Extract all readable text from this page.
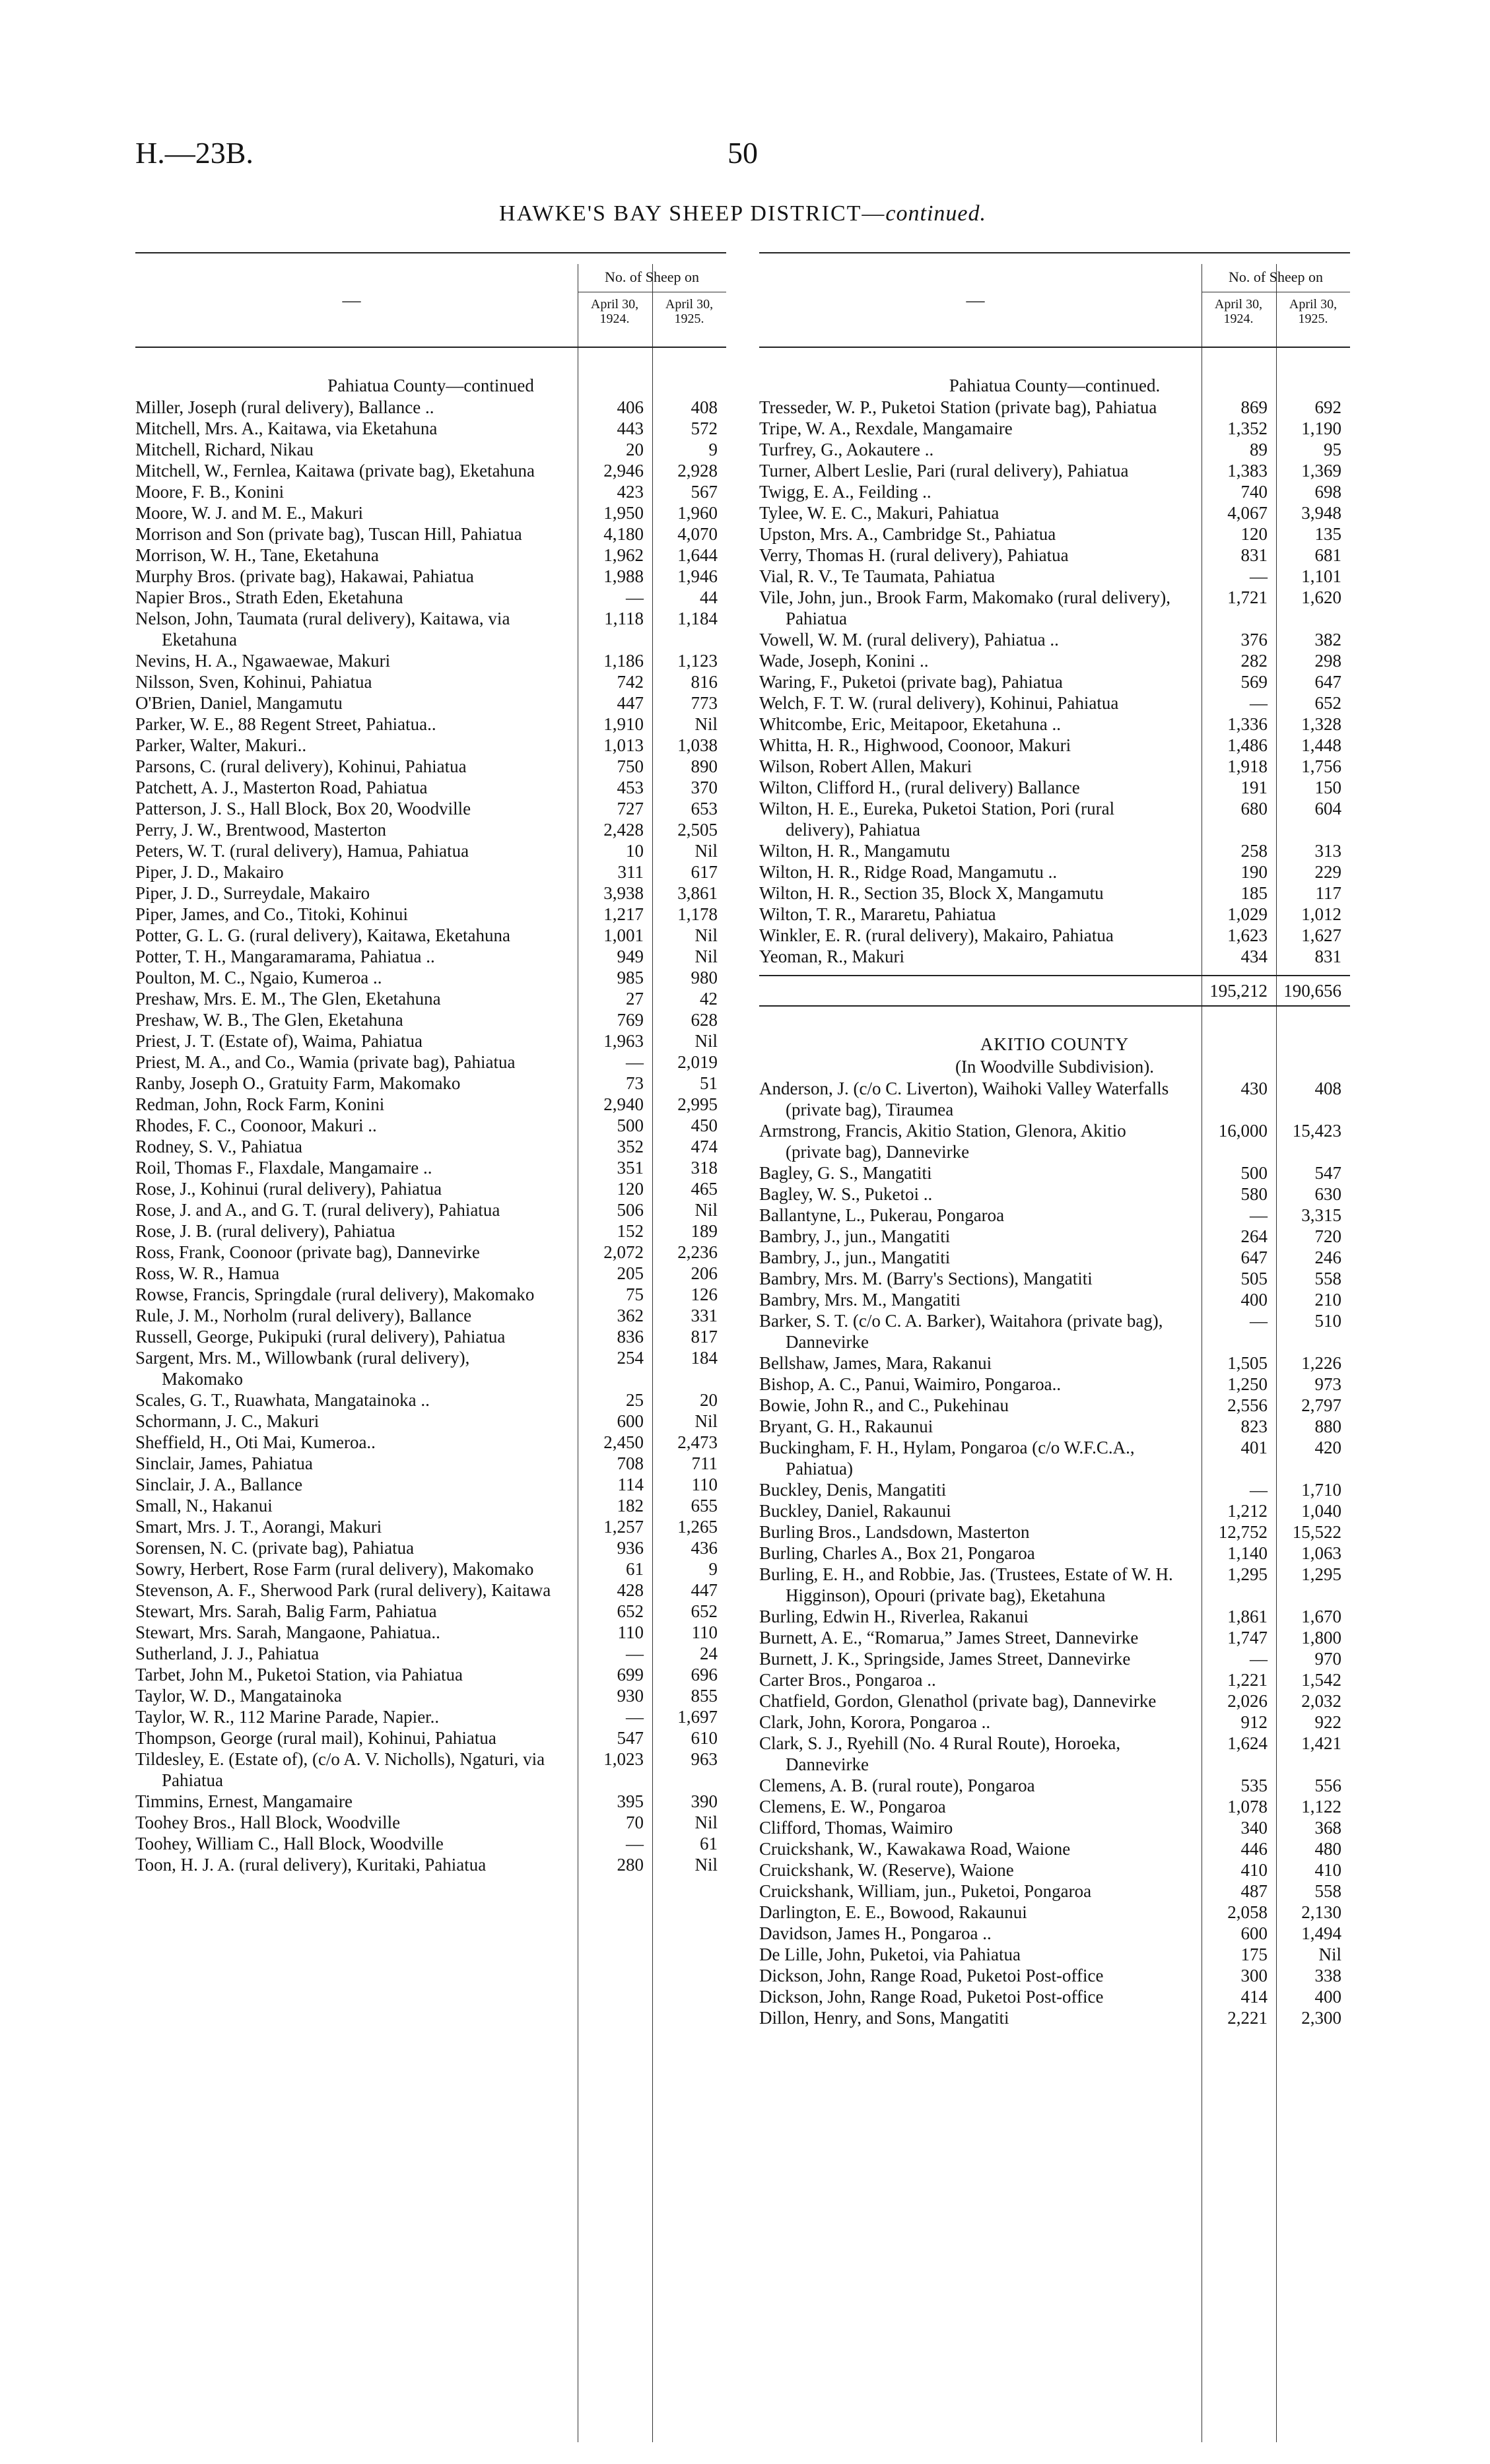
H.—23B.	50
HAWKE'S BAY SHEEP DISTRICT—continued.
—
No. of Sheep on
April 30, 1924.
April 30, 1925.
Pahiatua County—continued
Miller, Joseph (rural delivery), Ballance ..	406	408
Mitchell, Mrs. A., Kaitawa, via Eketahuna	443	572
Mitchell, Richard, Nikau	20	9
Mitchell, W., Fernlea, Kaitawa (private bag), Eketahuna	2,946	2,928
Moore, F. B., Konini	423	567
Moore, W. J. and M. E., Makuri	1,950	1,960
Morrison and Son (private bag), Tuscan Hill, Pahiatua	4,180	4,070
Morrison, W. H., Tane, Eketahuna	1,962	1,644
Murphy Bros. (private bag), Hakawai, Pahiatua	1,988	1,946
Napier Bros., Strath Eden, Eketahuna	—	44
Nelson, John, Taumata (rural delivery), Kaitawa, via Eketahuna
1,118	1,184
Nevins, H. A., Ngawaewae, Makuri	1,186	1,123
Nilsson, Sven, Kohinui, Pahiatua	742	816
O'Brien, Daniel, Mangamutu	447	773
Parker, W. E., 88 Regent Street, Pahiatua..	1,910	Nil
Parker, Walter, Makuri..	1,013	1,038
Parsons, C. (rural delivery), Kohinui, Pahiatua	750	890
Patchett, A. J., Masterton Road, Pahiatua	453	370
Patterson, J. S., Hall Block, Box 20, Woodville	727	653
Perry, J. W., Brentwood, Masterton	2,428	2,505
Peters, W. T. (rural delivery), Hamua, Pahiatua	10	Nil
Piper, J. D., Makairo	311	617
Piper, J. D., Surreydale, Makairo	3,938	3,861
Piper, James, and Co., Titoki, Kohinui	1,217	1,178
Potter, G. L. G. (rural delivery), Kaitawa, Eketahuna	1,001	Nil
Potter, T. H., Mangaramarama, Pahiatua ..	949	Nil
Poulton, M. C., Ngaio, Kumeroa ..	985	980
Preshaw, Mrs. E. M., The Glen, Eketahuna	27	42
Preshaw, W. B., The Glen, Eketahuna	769	628
Priest, J. T. (Estate of), Waima, Pahiatua	1,963	Nil
Priest, M. A., and Co., Wamia (private bag), Pahiatua	—	2,019
Ranby, Joseph O., Gratuity Farm, Makomako	73	51
Redman, John, Rock Farm, Konini	2,940	2,995
Rhodes, F. C., Coonoor, Makuri ..	500	450
Rodney, S. V., Pahiatua	352	474
Roil, Thomas F., Flaxdale, Mangamaire ..	351	318
Rose, J., Kohinui (rural delivery), Pahiatua	120	465
Rose, J. and A., and G. T. (rural delivery), Pahiatua	506	Nil
Rose, J. B. (rural delivery), Pahiatua	152	189
Ross, Frank, Coonoor (private bag), Dannevirke	2,072	2,236
Ross, W. R., Hamua	205	206
Rowse, Francis, Springdale (rural delivery), Makomako	75	126
Rule, J. M., Norholm (rural delivery), Ballance	362	331
Russell, George, Pukipuki (rural delivery), Pahiatua	836	817
Sargent, Mrs. M., Willowbank (rural delivery), Makomako
254	184
Scales, G. T., Ruawhata, Mangatainoka ..	25	20
Schormann, J. C., Makuri	600	Nil
Sheffield, H., Oti Mai, Kumeroa..	2,450	2,473
Sinclair, James, Pahiatua	708	711
Sinclair, J. A., Ballance	114	110
Small, N., Hakanui	182	655
Smart, Mrs. J. T., Aorangi, Makuri	1,257	1,265
Sorensen, N. C. (private bag), Pahiatua	936	436
Sowry, Herbert, Rose Farm (rural delivery), Makomako	61	9
Stevenson, A. F., Sherwood Park (rural delivery), Kaitawa	428	447
Stewart, Mrs. Sarah, Balig Farm, Pahiatua	652	652
Stewart, Mrs. Sarah, Mangaone, Pahiatua..	110	110
Sutherland, J. J., Pahiatua	—	24
Tarbet, John M., Puketoi Station, via Pahiatua	699	696
Taylor, W. D., Mangatainoka	930	855
Taylor, W. R., 112 Marine Parade, Napier..	—	1,697
Thompson, George (rural mail), Kohinui, Pahiatua	547	610
Tildesley, E. (Estate of), (c/o A. V. Nicholls), Ngaturi, via Pahiatua
1,023	963
Timmins, Ernest, Mangamaire	395	390
Toohey Bros., Hall Block, Woodville	70	Nil
Toohey, William C., Hall Block, Woodville	—	61
Toon, H. J. A. (rural delivery), Kuritaki, Pahiatua	280	Nil
—
No. of Sheep on
April 30, 1924.
April 30, 1925.
Pahiatua County—continued.
Tresseder, W. P., Puketoi Station (private bag), Pahiatua	869	692
Tripe, W. A., Rexdale, Mangamaire	1,352	1,190
Turfrey, G., Aokautere ..	89	95
Turner, Albert Leslie, Pari (rural delivery), Pahiatua	1,383	1,369
Twigg, E. A., Feilding ..	740	698
Tylee, W. E. C., Makuri, Pahiatua	4,067	3,948
Upston, Mrs. A., Cambridge St., Pahiatua	120	135
Verry, Thomas H. (rural delivery), Pahiatua	831	681
Vial, R. V., Te Taumata, Pahiatua	—	1,101
Vile, John, jun., Brook Farm, Makomako (rural delivery), Pahiatua
1,721	1,620
Vowell, W. M. (rural delivery), Pahiatua ..	376	382
Wade, Joseph, Konini ..	282	298
Waring, F., Puketoi (private bag), Pahiatua	569	647
Welch, F. T. W. (rural delivery), Kohinui, Pahiatua	—	652
Whitcombe, Eric, Meitapoor, Eketahuna ..	1,336	1,328
Whitta, H. R., Highwood, Coonoor, Makuri	1,486	1,448
Wilson, Robert Allen, Makuri	1,918	1,756
Wilton, Clifford H., (rural delivery) Ballance	191	150
Wilton, H. E., Eureka, Puketoi Station, Pori (rural delivery), Pahiatua
680	604
Wilton, H. R., Mangamutu	258	313
Wilton, H. R., Ridge Road, Mangamutu ..	190	229
Wilton, H. R., Section 35, Block X, Mangamutu	185	117
Wilton, T. R., Mararetu, Pahiatua	1,029	1,012
Winkler, E. R. (rural delivery), Makairo, Pahiatua	1,623	1,627
Yeoman, R., Makuri	434	831
195,212 190,656
AKITIO COUNTY
(In Woodville Subdivision).
Anderson, J. (c/o C. Liverton), Waihoki Valley Waterfalls (private bag), Tiraumea
430	408
Armstrong, Francis, Akitio Station, Glenora, Akitio (private bag), Dannevirke
16,000	15,423
Bagley, G. S., Mangatiti	500	547
Bagley, W. S., Puketoi ..	580	630
Ballantyne, L., Pukerau, Pongaroa	—	3,315
Bambry, J., jun., Mangatiti	264	720
Bambry, J., jun., Mangatiti	647	246
Bambry, Mrs. M. (Barry's Sections), Mangatiti	505	558
Bambry, Mrs. M., Mangatiti	400	210
Barker, S. T. (c/o C. A. Barker), Waitahora (private bag), Dannevirke
—	510
Bellshaw, James, Mara, Rakanui	1,505	1,226
Bishop, A. C., Panui, Waimiro, Pongaroa..	1,250	973
Bowie, John R., and C., Pukehinau	2,556	2,797
Bryant, G. H., Rakaunui	823	880
Buckingham, F. H., Hylam, Pongaroa (c/o W.F.C.A., Pahiatua)
401	420
Buckley, Denis, Mangatiti	—	1,710
Buckley, Daniel, Rakaunui	1,212	1,040
Burling Bros., Landsdown, Masterton	12,752	15,522
Burling, Charles A., Box 21, Pongaroa	1,140	1,063
Burling, E. H., and Robbie, Jas. (Trustees, Estate of W. H. Higginson), Opouri (private bag), Eketahuna
1,295	1,295
Burling, Edwin H., Riverlea, Rakanui	1,861	1,670
Burnett, A. E., “Romarua,” James Street, Dannevirke	1,747	1,800
Burnett, J. K., Springside, James Street, Dannevirke	—	970
Carter Bros., Pongaroa ..	1,221	1,542
Chatfield, Gordon, Glenathol (private bag), Dannevirke	2,026	2,032
Clark, John, Korora, Pongaroa ..	912	922
Clark, S. J., Ryehill (No. 4 Rural Route), Horoeka, Dannevirke
1,624	1,421
Clemens, A. B. (rural route), Pongaroa	535	556
Clemens, E. W., Pongaroa	1,078	1,122
Clifford, Thomas, Waimiro	340	368
Cruickshank, W., Kawakawa Road, Waione	446	480
Cruickshank, W. (Reserve), Waione	410	410
Cruickshank, William, jun., Puketoi, Pongaroa	487	558
Darlington, E. E., Bowood, Rakaunui	2,058	2,130
Davidson, James H., Pongaroa ..	600	1,494
De Lille, John, Puketoi, via Pahiatua	175	Nil
Dickson, John, Range Road, Puketoi Post-office	300	338
Dickson, John, Range Road, Puketoi Post-office	414	400
Dillon, Henry, and Sons, Mangatiti	2,221	2,300
